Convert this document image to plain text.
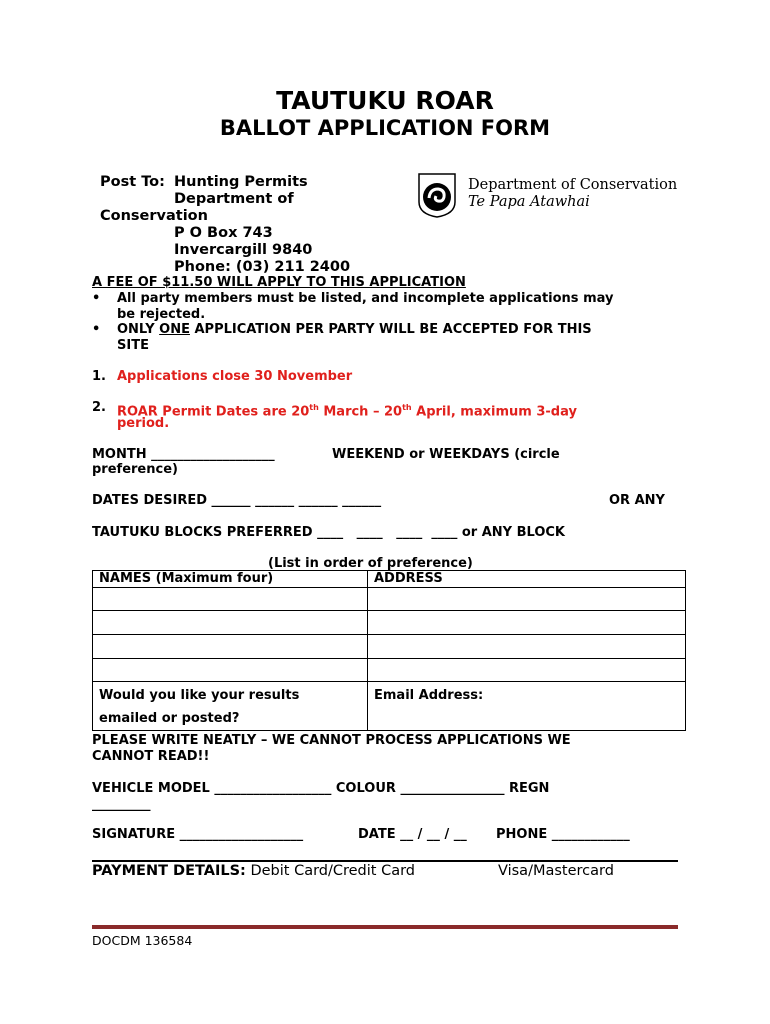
TAUTUKU ROAR
BALLOT APPLICATION FORM
Post To: Hunting Permits
Department of
Conservation
P O Box 743
Invercargill 9840
Phone: (03) 211 2400
Department of Conservation
Te Papa Atawhai
A FEE OF $11.50 WILL APPLY TO THIS APPLICATION
• All party members must be listed, and incomplete applications may
be rejected.
• ONLY ONE APPLICATION PER PARTY WILL BE ACCEPTED FOR THIS
SITE
1. Applications close 30 November
2. ROAR Permit Dates are 20th March – 20th April, maximum 3-day
period.
MONTH ___________________	WEEKEND or WEEKDAYS (circle
preference)
DATES DESIRED ______ ______ ______ ______	OR ANY
TAUTUKU BLOCKS PREFERRED ____   ____   ____  ____ or ANY BLOCK
(List in order of preference)
NAMES (Maximum four)	ADDRESS

Would you like your results
emailed or posted?	Email Address:
PLEASE WRITE NEATLY – WE CANNOT PROCESS APPLICATIONS WE
CANNOT READ!!
VEHICLE MODEL __________________ COLOUR ________________ REGN
_________
SIGNATURE ___________________	DATE __ / __ / __ PHONE ____________
PAYMENT DETAILS: Debit Card/Credit Card	Visa/Mastercard
DOCDM 136584
